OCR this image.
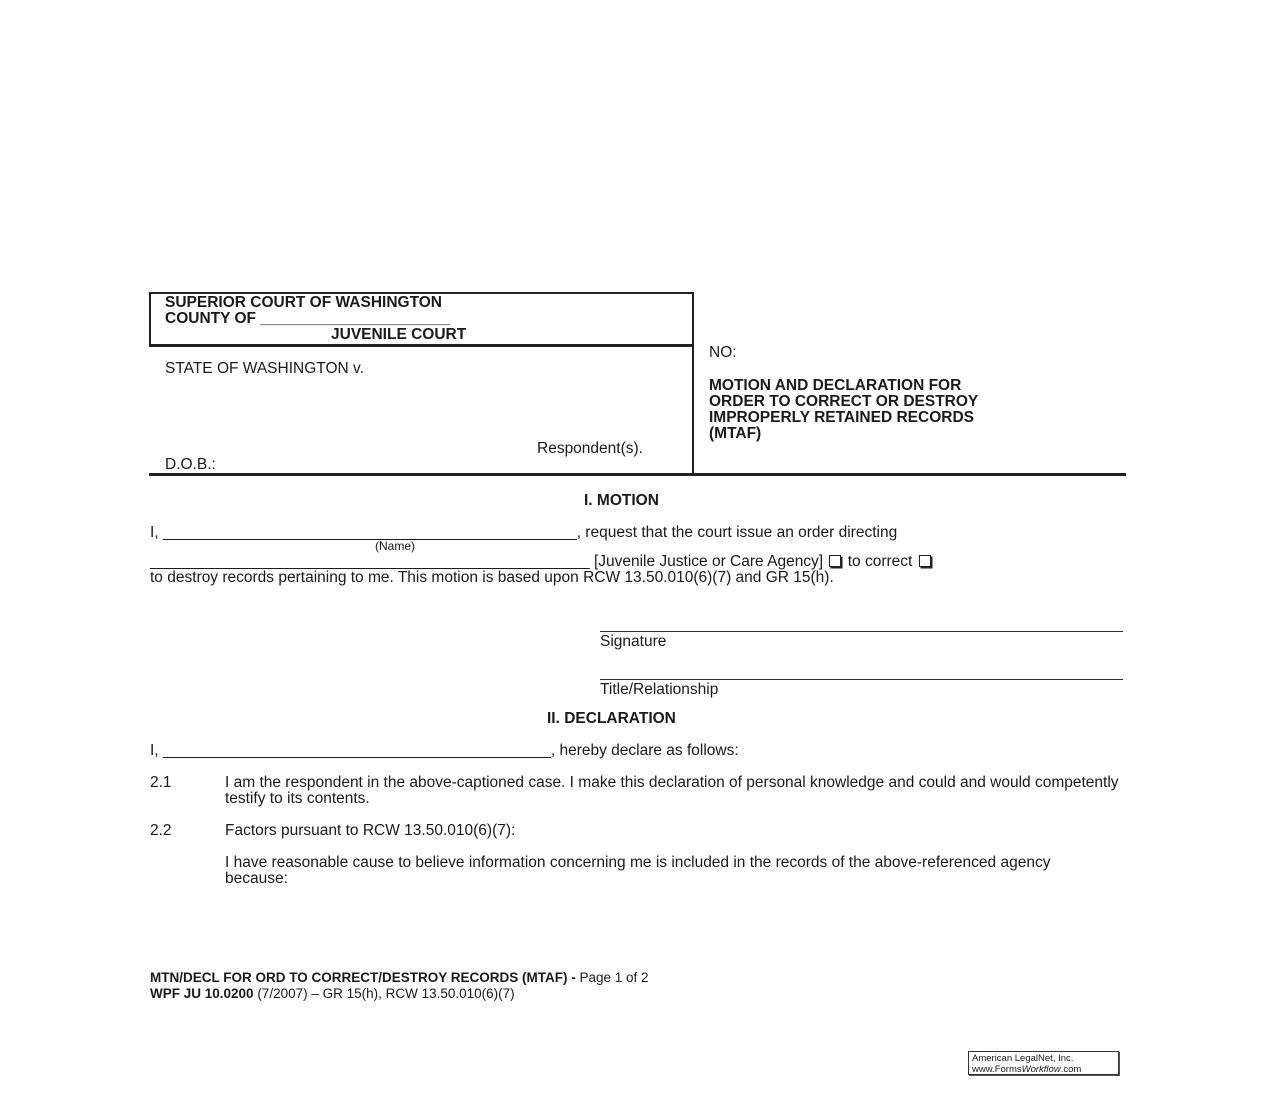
SUPERIOR COURT OF WASHINGTON
COUNTY OF ______________________
JUVENILE COURT
STATE OF WASHINGTON v.
Respondent(s).
D.O.B.:
NO:
MOTION AND DECLARATION FOR
ORDER TO CORRECT OR DESTROY
IMPROPERLY RETAINED RECORDS
(MTAF)
I. MOTION
I, ________________________________________________, request that the court issue an order directing
(Name)
___________________________________________________ [Juvenile Justice or Care Agency] to correct
to destroy records pertaining to me. This motion is based upon RCW 13.50.010(6)(7) and GR 15(h).
Signature
Title/Relationship
II. DECLARATION
I, _____________________________________________, hereby declare as follows:
2.1	I am the respondent in the above-captioned case. I make this declaration of personal knowledge and could and would competently testify to its contents.
2.2	Factors pursuant to RCW 13.50.010(6)(7):
I have reasonable cause to believe information concerning me is included in the records of the above-referenced agency because:
MTN/DECL FOR ORD TO CORRECT/DESTROY RECORDS (MTAF) - Page 1 of 2
WPF JU 10.0200 (7/2007) – GR 15(h), RCW 13.50.010(6)(7)
American LegalNet, Inc.
www.FormsWorkflow.com
